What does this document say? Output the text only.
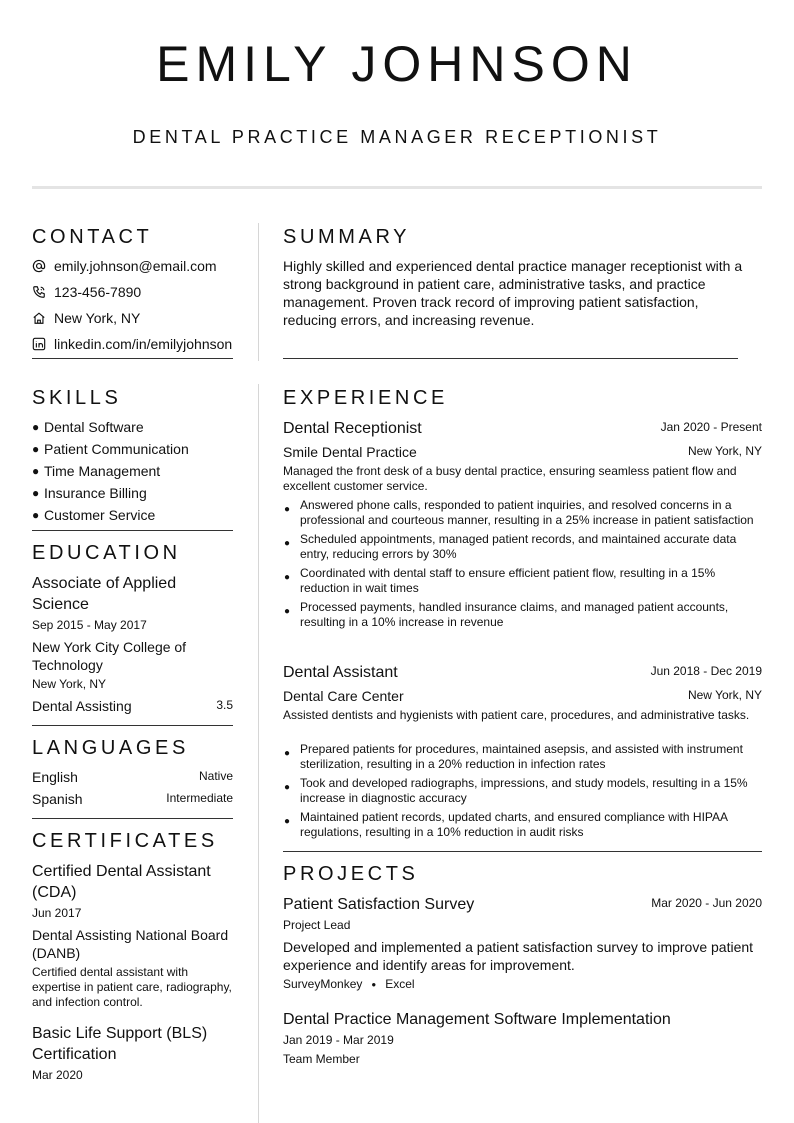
EMILY JOHNSON
DENTAL PRACTICE MANAGER RECEPTIONIST
CONTACT
emily.johnson@email.com
123-456-7890
New York, NY
linkedin.com/in/emilyjohnson
SUMMARY
Highly skilled and experienced dental practice manager receptionist with a strong background in patient care, administrative tasks, and practice management. Proven track record of improving patient satisfaction, reducing errors, and increasing revenue.
SKILLS
● Dental Software
● Patient Communication
● Time Management
● Insurance Billing
● Customer Service
EDUCATION
Associate of Applied Science
Sep 2015 - May 2017
New York City College of Technology
New York, NY
Dental Assisting	3.5
LANGUAGES
English	Native
Spanish	Intermediate
CERTIFICATES
Certified Dental Assistant (CDA)
Jun 2017
Dental Assisting National Board (DANB)
Certified dental assistant with expertise in patient care, radiography, and infection control.
Basic Life Support (BLS) Certification
Mar 2020
EXPERIENCE
Dental Receptionist	Jan 2020 - Present
Smile Dental Practice	New York, NY
Managed the front desk of a busy dental practice, ensuring seamless patient flow and excellent customer service.
● Answered phone calls, responded to patient inquiries, and resolved concerns in a professional and courteous manner, resulting in a 25% increase in patient satisfaction
● Scheduled appointments, managed patient records, and maintained accurate data entry, reducing errors by 30%
● Coordinated with dental staff to ensure efficient patient flow, resulting in a 15% reduction in wait times
● Processed payments, handled insurance claims, and managed patient accounts, resulting in a 10% increase in revenue
Dental Assistant	Jun 2018 - Dec 2019
Dental Care Center	New York, NY
Assisted dentists and hygienists with patient care, procedures, and administrative tasks.
● Prepared patients for procedures, maintained asepsis, and assisted with instrument sterilization, resulting in a 20% reduction in infection rates
● Took and developed radiographs, impressions, and study models, resulting in a 15% increase in diagnostic accuracy
● Maintained patient records, updated charts, and ensured compliance with HIPAA regulations, resulting in a 10% reduction in audit risks
PROJECTS
Patient Satisfaction Survey	Mar 2020 - Jun 2020
Project Lead
Developed and implemented a patient satisfaction survey to improve patient experience and identify areas for improvement.
SurveyMonkey ● Excel
Dental Practice Management Software Implementation
Jan 2019 - Mar 2019
Team Member
